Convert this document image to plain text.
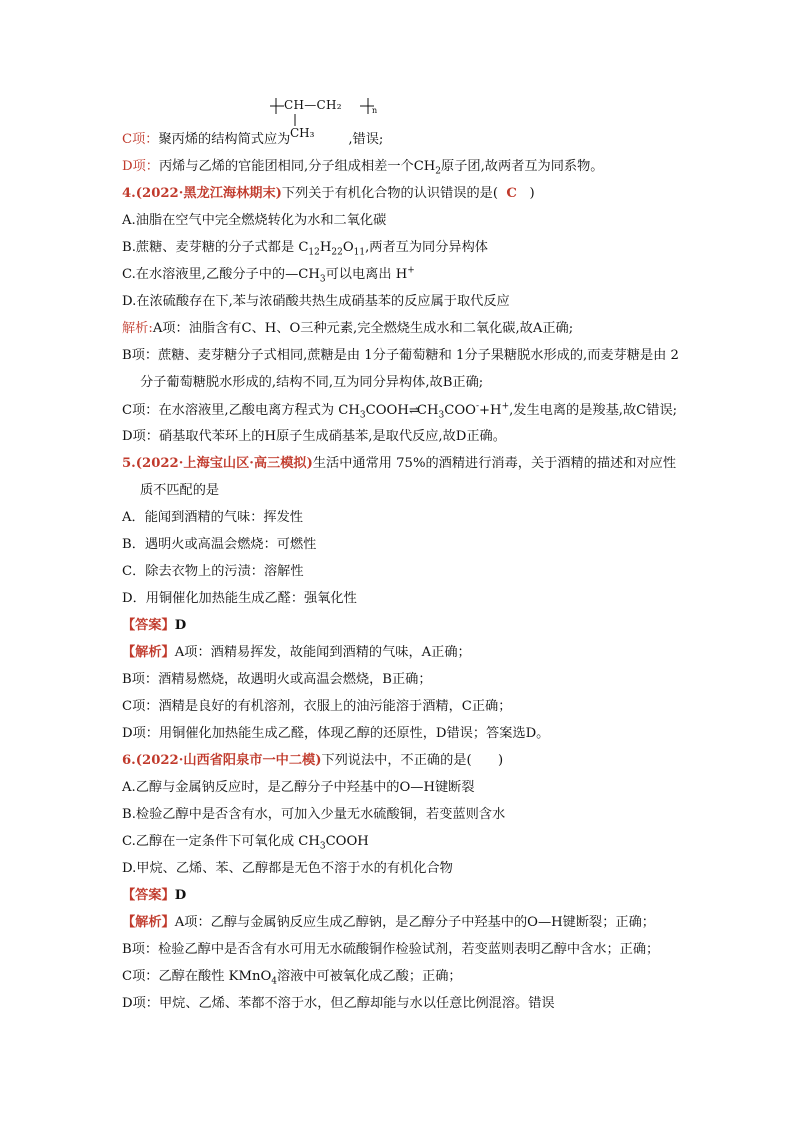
CH—CH₂	n
CH₃
C项：聚丙烯的结构简式应为	,错误;
D项：丙烯与乙烯的官能团相同,分子组成相差一个$CH_2$原子团,故两者互为同系物。
4.(2022·黑龙江海林期末)下列关于有机化合物的认识错误的是( C )
A.油脂在空气中完全燃烧转化为水和二氧化碳
B.蔗糖、麦芽糖的分子式都是 $C_{12}H_{22}O_{11}$,两者互为同分异构体
C.在水溶液里,乙酸分子中的$—CH_3$可以电离出 H+
D.在浓硫酸存在下,苯与浓硝酸共热生成硝基苯的反应属于取代反应
解析:A项：油脂含有C、H、O三种元素,完全燃烧生成水和二氧化碳,故A正确;
B项：蔗糖、麦芽糖分子式相同,蔗糖是由 1分子葡萄糖和 1分子果糖脱水形成的,而麦芽糖是由 2
分子葡萄糖脱水形成的,结构不同,互为同分异构体,故B正确;
C项：在水溶液里,乙酸电离方程式为 $CH_3COOH\rightleftharpoons CH_3COO^-+H^+$,发生电离的是羧基,故C错误;
D项：硝基取代苯环上的H原子生成硝基苯,是取代反应,故D正确。
5.(2022·上海宝山区·高三模拟)生活中通常用 75%的酒精进行消毒，关于酒精的描述和对应性
质不匹配的是
A．能闻到酒精的气味：挥发性
B．遇明火或高温会燃烧：可燃性
C．除去衣物上的污渍：溶解性
D．用铜催化加热能生成乙醛：强氧化性
【答案】D
【解析】A项：酒精易挥发，故能闻到酒精的气味，A正确；
B项：酒精易燃烧，故遇明火或高温会燃烧，B正确；
C项：酒精是良好的有机溶剂，衣服上的油污能溶于酒精，C正确；
D项：用铜催化加热能生成乙醛，体现乙醇的还原性，D错误；答案选D。
6.(2022·山西省阳泉市一中二模)下列说法中，不正确的是(　　)
A.乙醇与金属钠反应时，是乙醇分子中羟基中的O—H键断裂
B.检验乙醇中是否含有水，可加入少量无水硫酸铜，若变蓝则含水
C.乙醇在一定条件下可氧化成 $CH_3COOH$
D.甲烷、乙烯、苯、乙醇都是无色不溶于水的有机化合物
【答案】D
【解析】A项：乙醇与金属钠反应生成乙醇钠，是乙醇分子中羟基中的O—H键断裂；正确；
B项：检验乙醇中是否含有水可用无水硫酸铜作检验试剂，若变蓝则表明乙醇中含水；正确；
C项：乙醇在酸性 KMnO$_4$溶液中可被氧化成乙酸；正确；
D项：甲烷、乙烯、苯都不溶于水，但乙醇却能与水以任意比例混溶。错误
